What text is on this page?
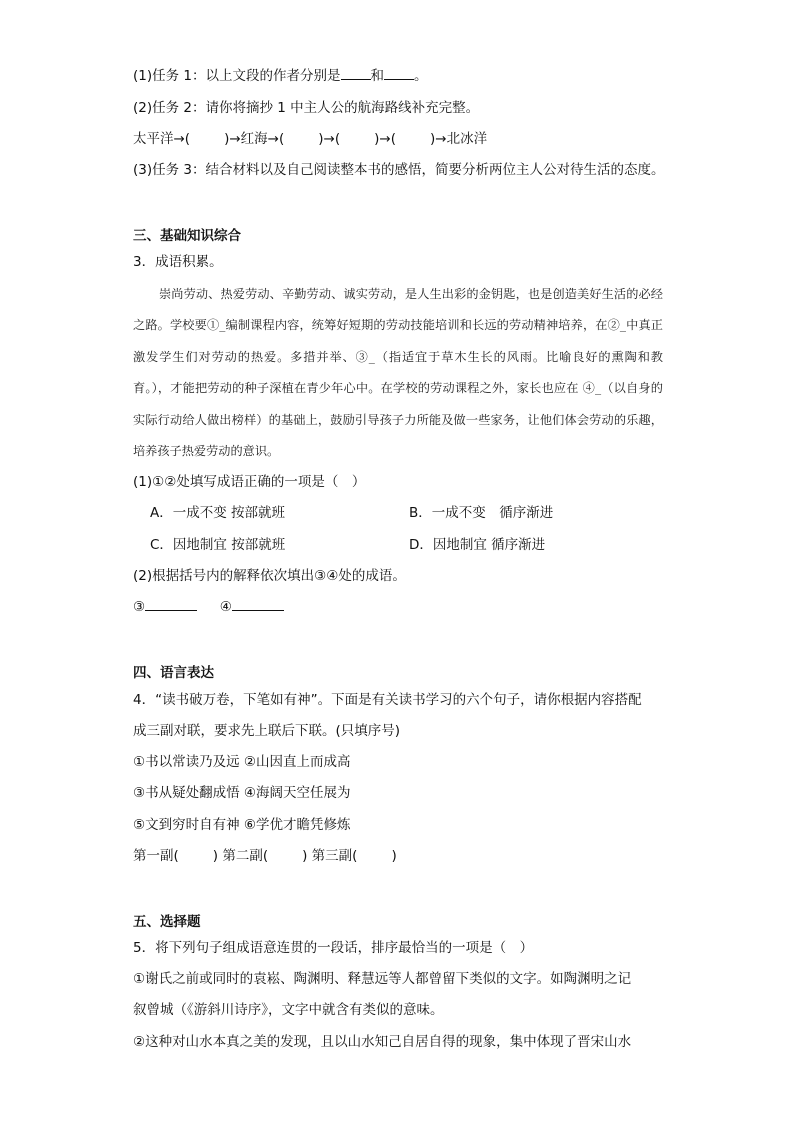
(1)任务 1：以上文段的作者分别是 和 。
(2)任务 2：请你将摘抄 1 中主人公的航海路线补充完整。
太平洋→(	)→红海→(	)→(	)→(	)→北冰洋
(3)任务 3：结合材料以及自己阅读整本书的感悟，简要分析两位主人公对待生活的态度。
三、基础知识综合
3．成语积累。

崇尚劳动、热爱劳动、辛勤劳动、诚实劳动，是人生出彩的金钥匙，也是创造美好生活的必经之路。学校要①_编制课程内容，统筹好短期的劳动技能培训和长远的劳动精神培养，在②_中真正激发学生们对劳动的热爱。多措并举、③_（指适宜于草木生长的风雨。比喻良好的熏陶和教育。），才能把劳动的种子深植在青少年心中。在学校的劳动课程之外，家长也应在 ④_（以自身的实际行动给人做出榜样）的基础上，鼓励引导孩子力所能及做一些家务，让他们体会劳动的乐趣，培养孩子热爱劳动的意识。

(1)①②处填写成语正确的一项是（　）
A．一成不变 按部就班	B．一成不变　循序渐进
C．因地制宜 按部就班	D．因地制宜 循序渐进
(2)根据括号内的解释依次填出③④处的成语。
③	④
四、语言表达
4．“读书破万卷，下笔如有神”。下面是有关读书学习的六个句子，请你根据内容搭配
成三副对联，要求先上联后下联。(只填序号)
①书以常读乃及远 ②山因直上而成高
③书从疑处翻成悟 ④海阔天空任展为
⑤文到穷时自有神 ⑥学优才瞻凭修炼
第一副(	) 第二副(	) 第三副(	)
五、选择题
5．将下列句子组成语意连贯的一段话，排序最恰当的一项是（　）
①谢氏之前或同时的袁崧、陶渊明、释慧远等人都曾留下类似的文字。如陶渊明之记
叙曾城（《游斜川诗序》，文字中就含有类似的意味。
②这种对山水本真之美的发现，且以山水知己自居自得的现象，集中体现了晋宋山水
